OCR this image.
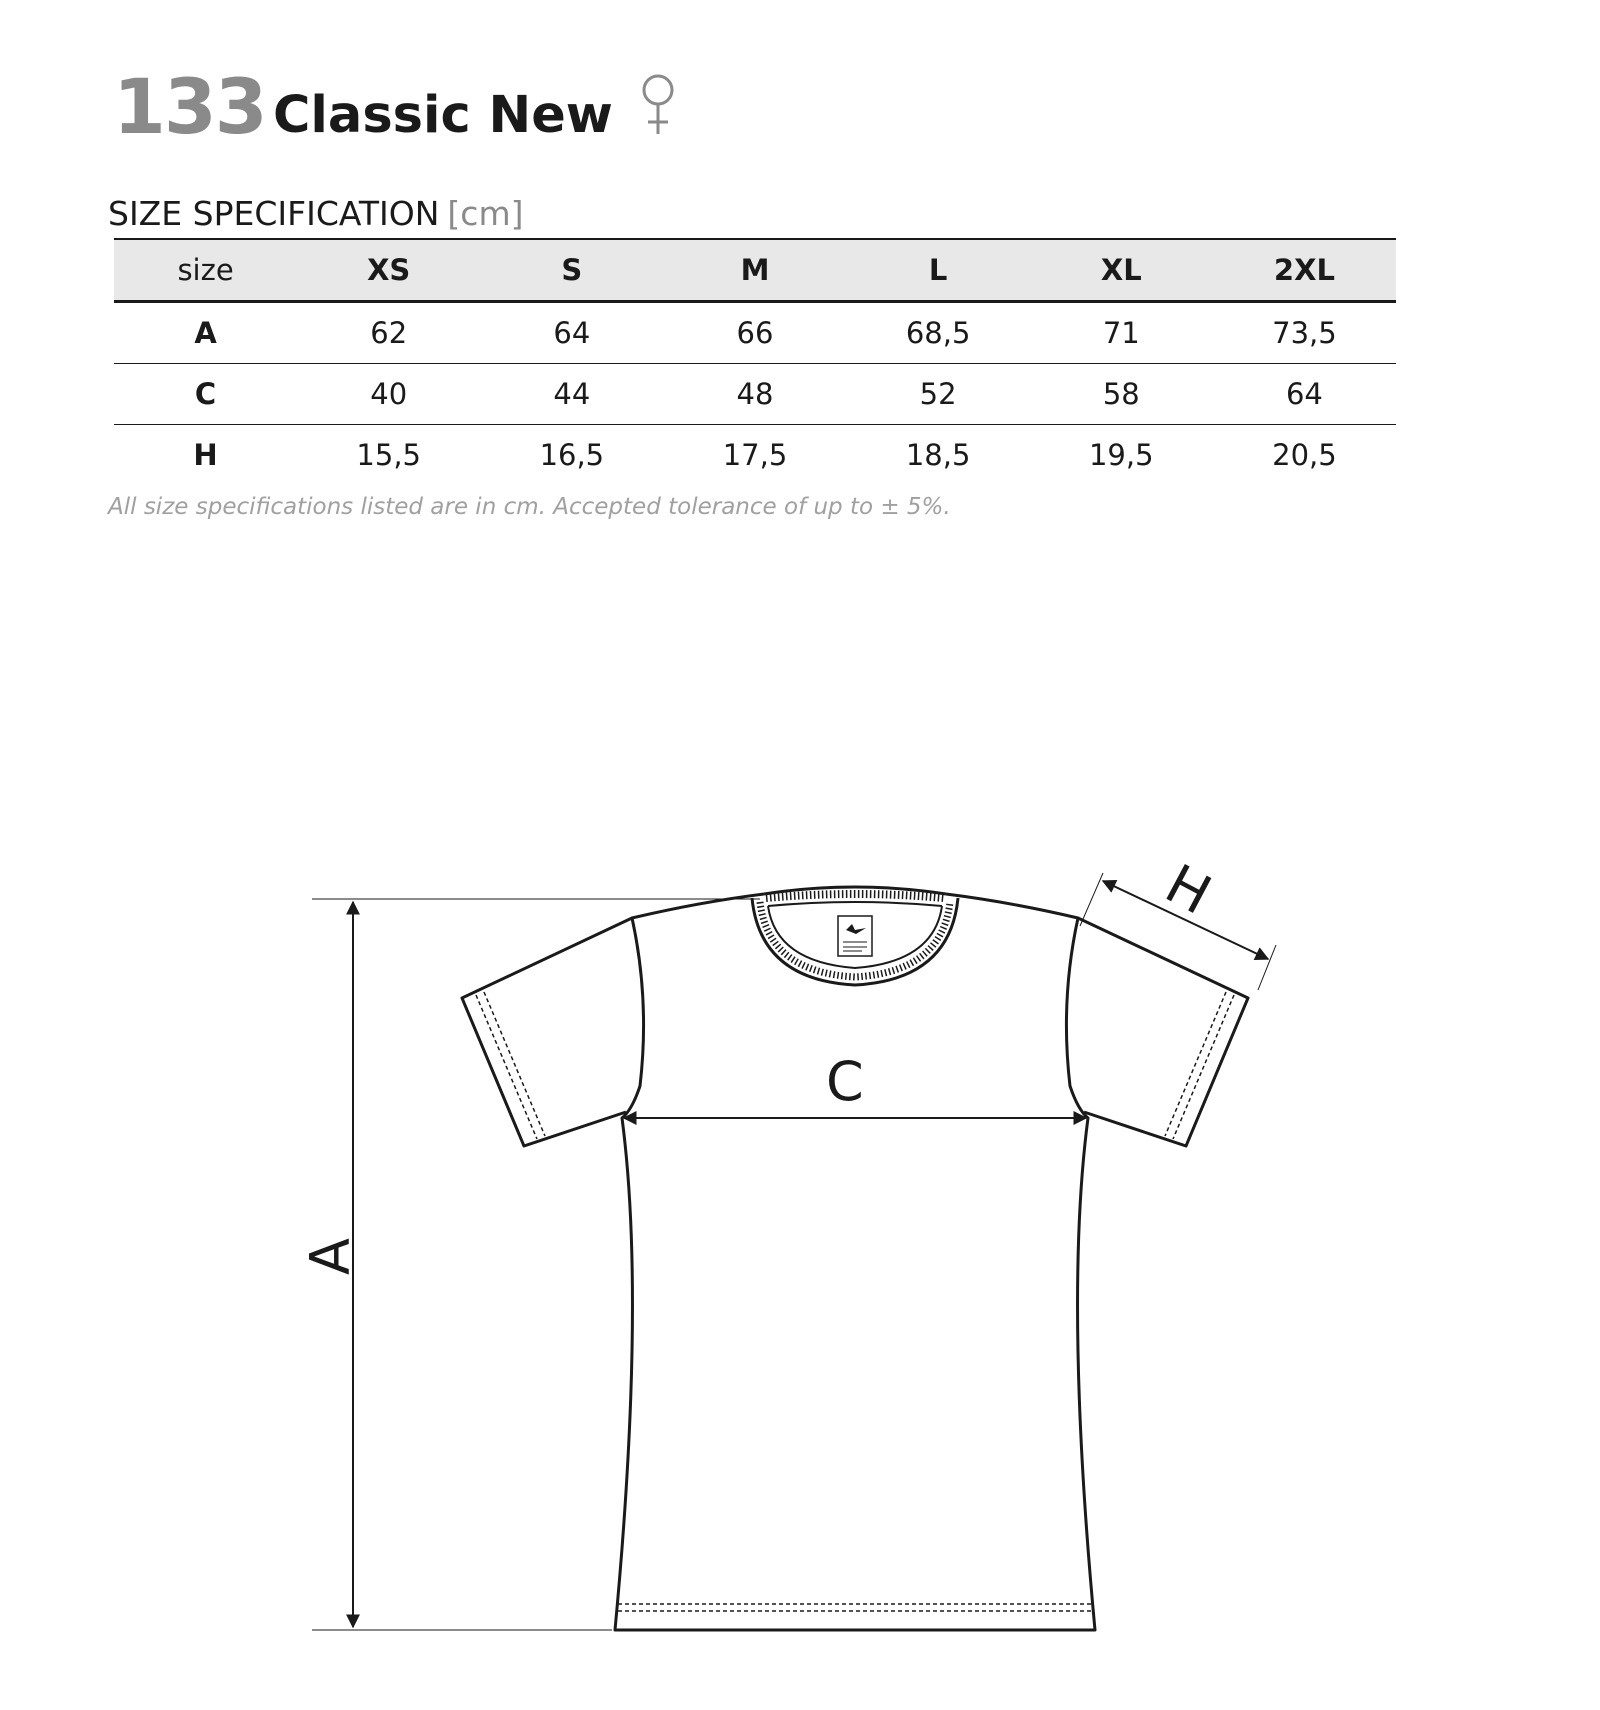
133 Classic New
SIZE SPECIFICATION [cm]
size	XS	S	M	L	XL	2XL
A	62	64	66	68,5	71	73,5
C	40	44	48	52	58	64
H	15,5	16,5	17,5	18,5	19,5	20,5
All size specifications listed are in cm. Accepted tolerance of up to ± 5%.
A
C
H
